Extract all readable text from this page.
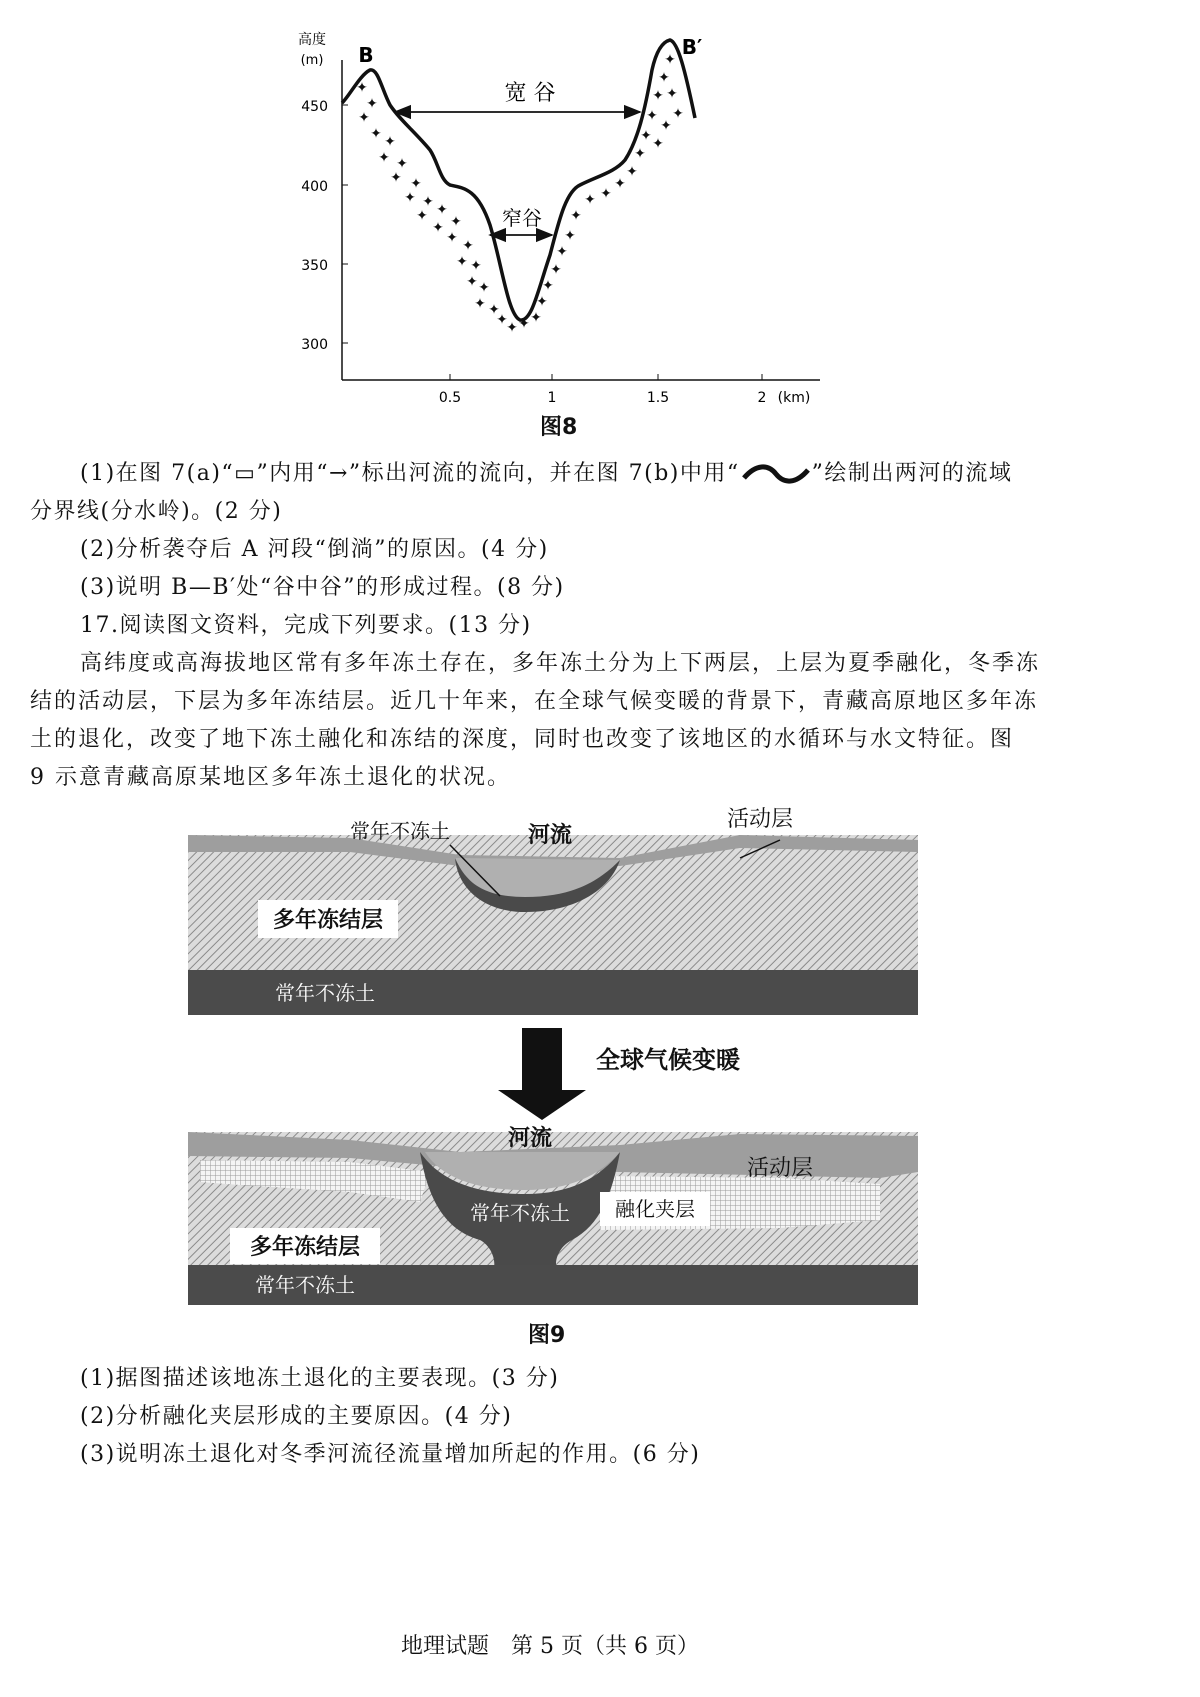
450
400
350
300
高度
(m)
0.5	1	1.5	2 (km)
✦
✦
✦
✦ ✦
✦ ✦
✦ ✦
✦ ✦
✦ ✦
✦ ✦
✦ ✦
✦ ✦
✦ ✦
✦ ✦
✦
✦ ✦ ✦
✦
✦
✦
✦
✦
✦
✦ ✦
✦
✦
✦
✦
✦
✦
✦
✦
✦
✦
✦
✦
宽 谷
窄谷
B	B′
图8
(1)在图 7(a)“▭”内用“→”标出河流的流向，并在图 7(b)中用“	”绘制出两河的流域
分界线(分水岭)。(2 分)
(2)分析袭夺后 A 河段“倒淌”的原因。(4 分)
(3)说明 B—B′处“谷中谷”的形成过程。(8 分)
17.阅读图文资料，完成下列要求。(13 分)
高纬度或高海拔地区常有多年冻土存在，多年冻土分为上下两层，上层为夏季融化，冬季冻
结的活动层，下层为多年冻结层。近几十年来，在全球气候变暖的背景下，青藏高原地区多年冻
土的退化，改变了地下冻土融化和冻结的深度，同时也改变了该地区的水循环与水文特征。图
9 示意青藏高原某地区多年冻土退化的状况。
常年不冻土	河流
活动层
多年冻结层
常年不冻土
全球气候变暖
河流
活动层
常年不冻土 融化夹层
多年冻结层
常年不冻土
图9
(1)据图描述该地冻土退化的主要表现。(3 分)
(2)分析融化夹层形成的主要原因。(4 分)
(3)说明冻土退化对冬季河流径流量增加所起的作用。(6 分)
地理试题　第 5 页（共 6 页）
